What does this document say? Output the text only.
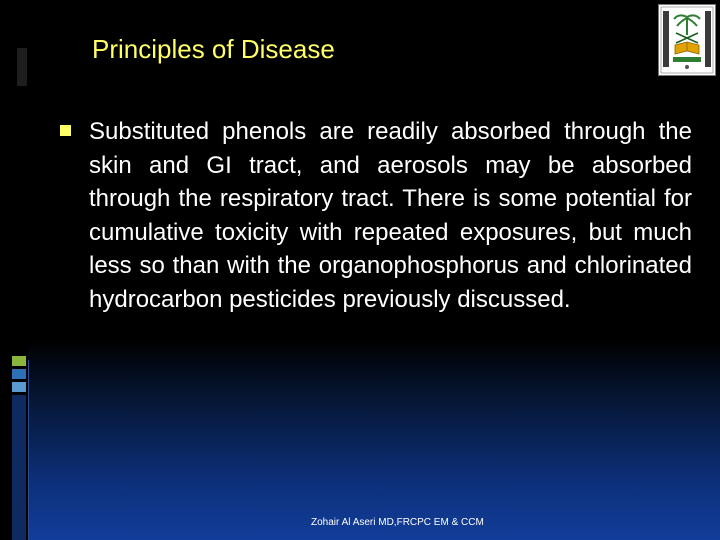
Principles of Disease
Substituted phenols are readily absorbed through the skin and GI tract, and aerosols may be absorbed through the respiratory tract. There is some potential for cumulative toxicity with repeated exposures, but much less so than with the organophosphorus and chlorinated hydrocarbon pesticides previously discussed.
Zohair Al Aseri MD,FRCPC EM & CCM
